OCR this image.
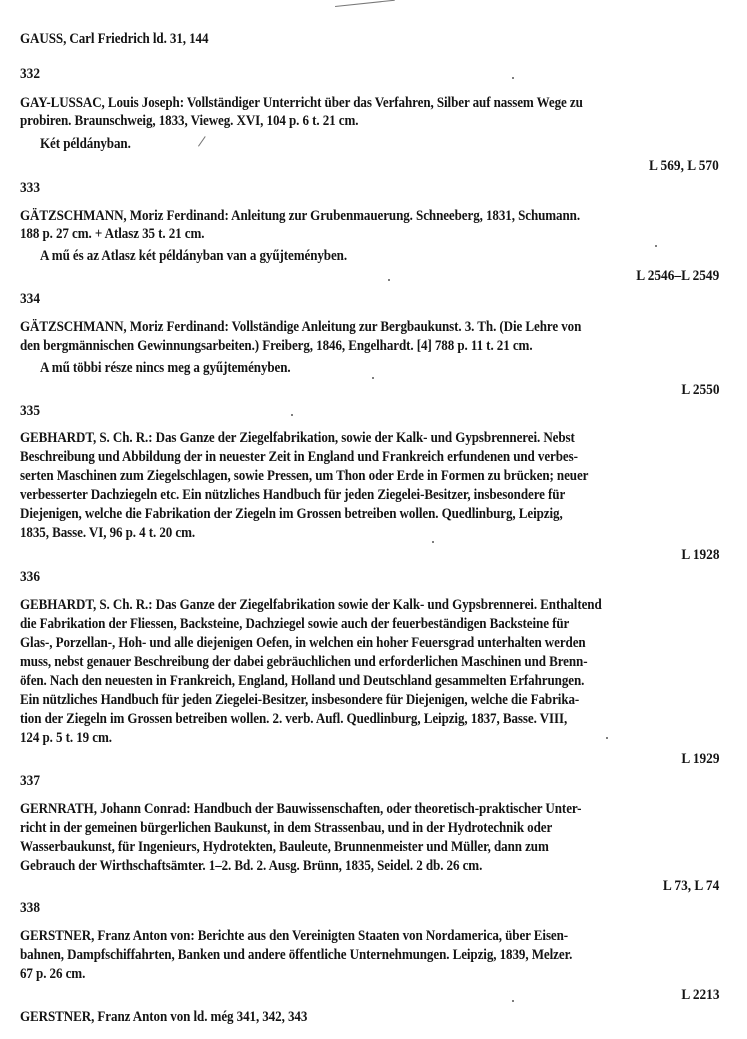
GAUSS, Carl Friedrich ld. 31, 144
332
GAY-LUSSAC, Louis Joseph: Vollständiger Unterricht über das Verfahren, Silber auf nassem Wege zu
probiren. Braunschweig, 1833, Vieweg. XVI, 104 p. 6 t. 21 cm.
Két példányban.
L 569, L 570
333
GÄTZSCHMANN, Moriz Ferdinand: Anleitung zur Grubenmauerung. Schneeberg, 1831, Schumann.
188 p. 27 cm. + Atlasz 35 t. 21 cm.
A mű és az Atlasz két példányban van a gyűjteményben.
L 2546–L 2549
334
GÄTZSCHMANN, Moriz Ferdinand: Vollständige Anleitung zur Bergbaukunst. 3. Th. (Die Lehre von
den bergmännischen Gewinnungsarbeiten.) Freiberg, 1846, Engelhardt. [4] 788 p. 11 t. 21 cm.
A mű többi része nincs meg a gyűjteményben.
L 2550
335
GEBHARDT, S. Ch. R.: Das Ganze der Ziegelfabrikation, sowie der Kalk- und Gypsbrennerei. Nebst
Beschreibung und Abbildung der in neuester Zeit in England und Frankreich erfundenen und verbes-
serten Maschinen zum Ziegelschlagen, sowie Pressen, um Thon oder Erde in Formen zu brücken; neuer
verbesserter Dachziegeln etc. Ein nützliches Handbuch für jeden Ziegelei-Besitzer, insbesondere für
Diejenigen, welche die Fabrikation der Ziegeln im Grossen betreiben wollen. Quedlinburg, Leipzig,
1835, Basse. VI, 96 p. 4 t. 20 cm.
L 1928
336
GEBHARDT, S. Ch. R.: Das Ganze der Ziegelfabrikation sowie der Kalk- und Gypsbrennerei. Enthaltend
die Fabrikation der Fliessen, Backsteine, Dachziegel sowie auch der feuerbeständigen Backsteine für
Glas-, Porzellan-, Hoh- und alle diejenigen Oefen, in welchen ein hoher Feuersgrad unterhalten werden
muss, nebst genauer Beschreibung der dabei gebräuchlichen und erforderlichen Maschinen und Brenn-
öfen. Nach den neuesten in Frankreich, England, Holland und Deutschland gesammelten Erfahrungen.
Ein nützliches Handbuch für jeden Ziegelei-Besitzer, insbesondere für Diejenigen, welche die Fabrika-
tion der Ziegeln im Grossen betreiben wollen. 2. verb. Aufl. Quedlinburg, Leipzig, 1837, Basse. VIII,
124 p. 5 t. 19 cm.
L 1929
337
GERNRATH, Johann Conrad: Handbuch der Bauwissenschaften, oder theoretisch-praktischer Unter-
richt in der gemeinen bürgerlichen Baukunst, in dem Strassenbau, und in der Hydrotechnik oder
Wasserbaukunst, für Ingenieurs, Hydrotekten, Bauleute, Brunnenmeister und Müller, dann zum
Gebrauch der Wirthschaftsämter. 1–2. Bd. 2. Ausg. Brünn, 1835, Seidel. 2 db. 26 cm.
L 73, L 74
338
GERSTNER, Franz Anton von: Berichte aus den Vereinigten Staaten von Nordamerica, über Eisen-
bahnen, Dampfschiffahrten, Banken und andere öffentliche Unternehmungen. Leipzig, 1839, Melzer.
67 p. 26 cm.
L 2213
GERSTNER, Franz Anton von ld. még 341, 342, 343
